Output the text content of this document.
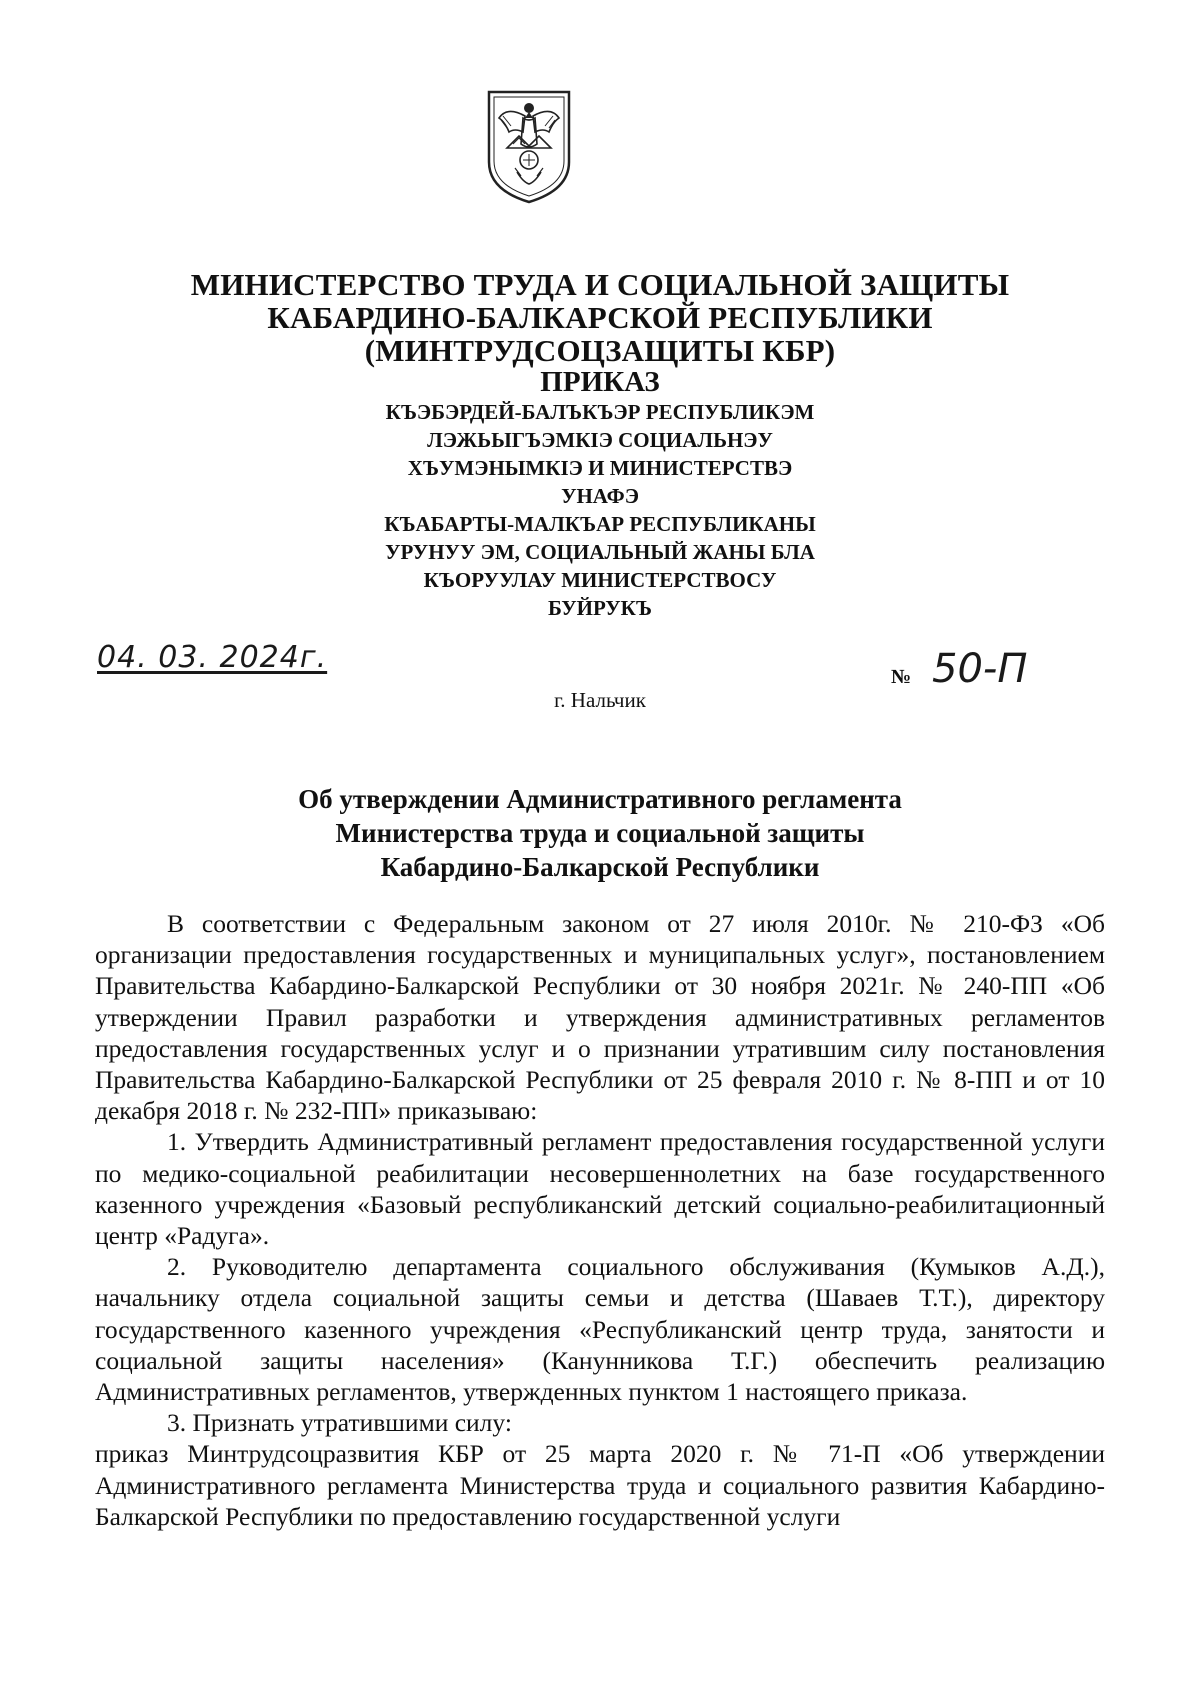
МИНИСТЕРСТВО ТРУДА И СОЦИАЛЬНОЙ ЗАЩИТЫ

КАБАРДИНО-БАЛКАРСКОЙ РЕСПУБЛИКИ

(МИНТРУДСОЦЗАЩИТЫ КБР)

ПРИКАЗ

КЪЭБЭРДЕЙ-БАЛЪКЪЭР РЕСПУБЛИКЭМ

ЛЭЖЬЫГЪЭМКIЭ СОЦИАЛЬНЭУ

ХЪУМЭНЫМКIЭ И МИНИСТЕРСТВЭ

УНАФЭ

КЪАБАРТЫ-МАЛКЪАР РЕСПУБЛИКАНЫ

УРУНУУ ЭМ, СОЦИАЛЬНЫЙ ЖАНЫ БЛА

КЪОРУУЛАУ МИНИСТЕРСТВОСУ

БУЙРУКЪ

04. 03. 2024г.
№ 50-П
г. Нальчик

Об утверждении Административного регламента

Министерства труда и социальной защиты

Кабардино-Балкарской Республики

В соответствии с Федеральным законом от 27 июля 2010г. № 210-ФЗ «Об организации предоставления государственных и муниципальных услуг», постановлением Правительства Кабардино-Балкарской Республики от 30 ноября 2021г. № 240-ПП «Об утверждении Правил разработки и утверждения административных регламентов предоставления государственных услуг и о признании утратившим силу постановления Правительства Кабардино-Балкарской Республики от 25 февраля 2010 г. № 8-ПП и от 10 декабря 2018 г. № 232-ПП» приказываю:

1. Утвердить Административный регламент предоставления государственной услуги по медико-социальной реабилитации несовершеннолетних на базе государственного казенного учреждения «Базовый республиканский детский социально-реабилитационный центр «Радуга».

2. Руководителю департамента социального обслуживания (Кумыков А.Д.), начальнику отдела социальной защиты семьи и детства (Шаваев Т.Т.), директору государственного казенного учреждения «Республиканский центр труда, занятости и социальной защиты населения» (Канунникова Т.Г.) обеспечить реализацию Административных регламентов, утвержденных пунктом 1 настоящего приказа.

3. Признать утратившими силу:

приказ Минтрудсоцразвития КБР от 25 марта 2020 г. № 71-П «Об утверждении Административного регламента Министерства труда и социального развития Кабардино-Балкарской Республики по предоставлению государственной услуги
